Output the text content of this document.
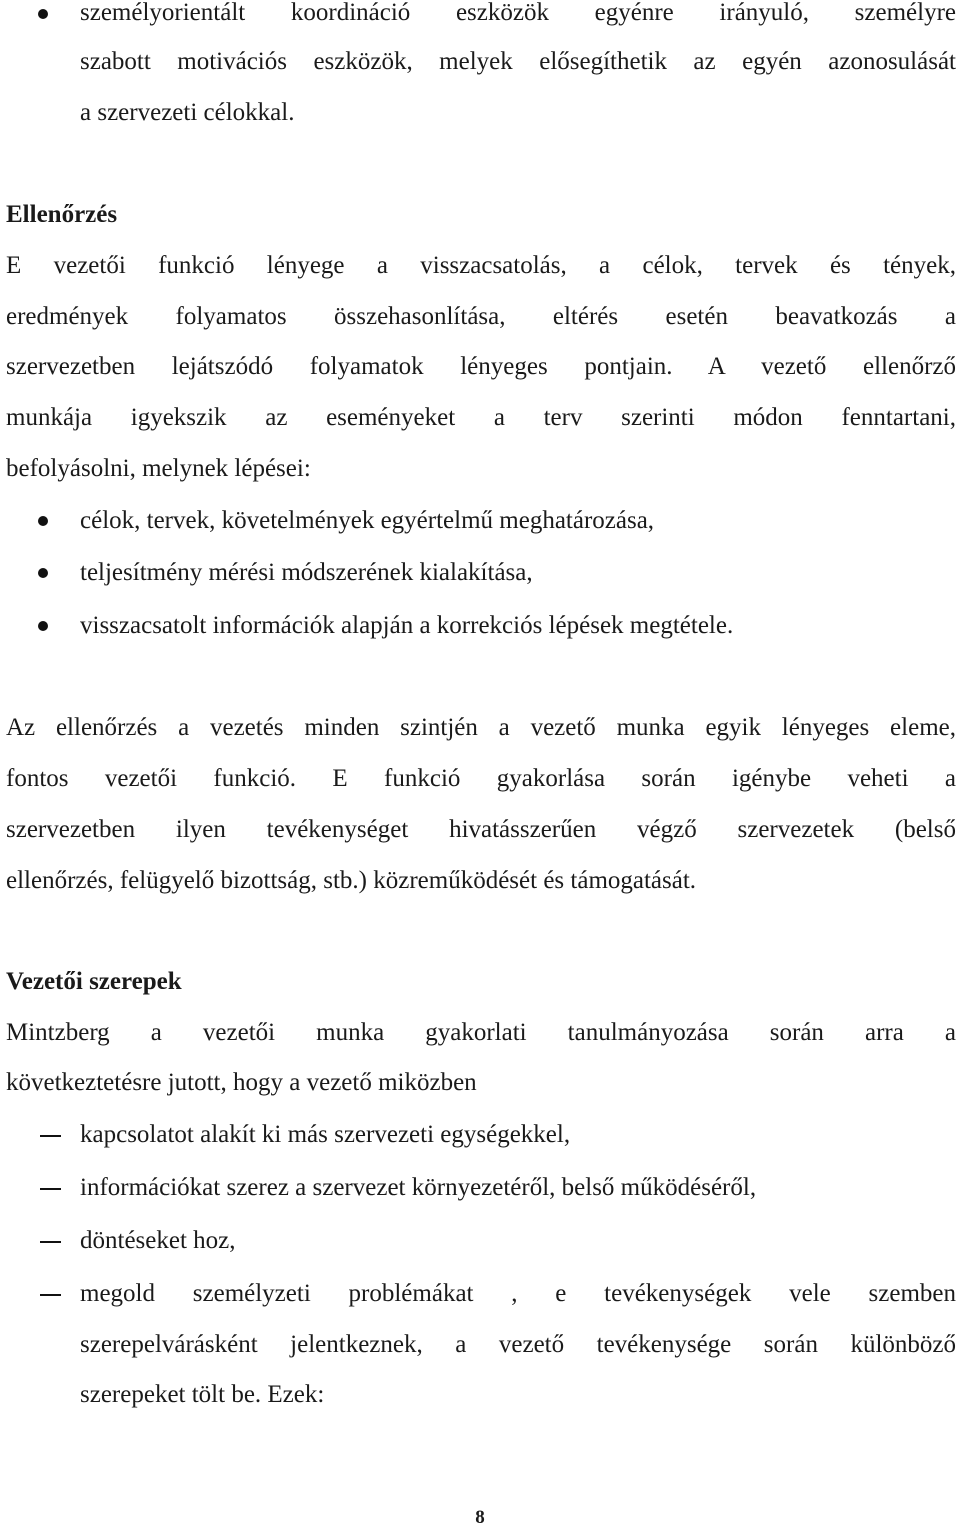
személyorientált koordináció eszközök egyénre irányuló, személyre
szabott motivációs eszközök, melyek elősegíthetik az egyén azonosulását
a szervezeti célokkal.
Ellenőrzés
E vezetői funkció lényege a visszacsatolás, a célok, tervek és tények,
eredmények folyamatos összehasonlítása, eltérés esetén beavatkozás a
szervezetben lejátszódó folyamatok lényeges pontjain. A vezető ellenőrző
munkája igyekszik az eseményeket a terv szerinti módon fenntartani,
befolyásolni, melynek lépései:
célok, tervek, követelmények egyértelmű meghatározása,
teljesítmény mérési módszerének kialakítása,
visszacsatolt információk alapján a korrekciós lépések megtétele.
Az ellenőrzés a vezetés minden szintjén a vezető munka egyik lényeges eleme,
fontos vezetői funkció. E funkció gyakorlása során igénybe veheti a
szervezetben ilyen tevékenységet hivatásszerűen végző szervezetek (belső
ellenőrzés, felügyelő bizottság, stb.) közreműködését és támogatását.
Vezetői szerepek
Mintzberg a vezetői munka gyakorlati tanulmányozása során arra a
következtetésre jutott, hogy a vezető miközben
kapcsolatot alakít ki más szervezeti egységekkel,
információkat szerez a szervezet környezetéről, belső működéséről,
döntéseket hoz,
megold személyzeti problémákat , e tevékenységek vele szemben
szerepelvárásként jelentkeznek, a vezető tevékenysége során különböző
szerepeket tölt be. Ezek:
8
